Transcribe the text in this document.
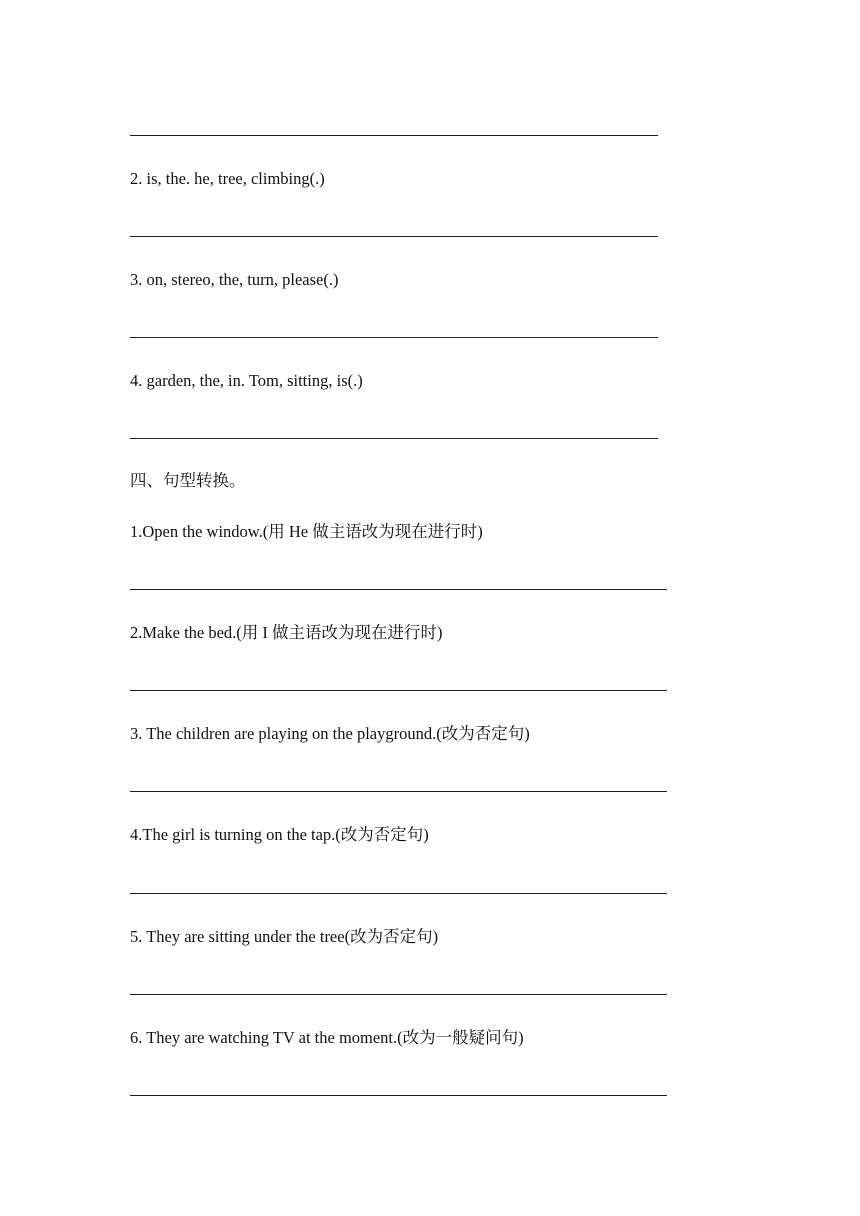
2. is, the. he, tree, climbing(.)
3. on, stereo, the, turn, please(.)
4. garden, the, in. Tom, sitting, is(.)
四、句型转换。
1.Open the window.(用 He 做主语改为现在进行时)
2.Make the bed.(用 I 做主语改为现在进行时)
3. The children are playing on the playground.(改为否定句)
4.The girl is turning on the tap.(改为否定句)
5. They are sitting under the tree(改为否定句)
6. They are watching TV at the moment.(改为一般疑问句)
